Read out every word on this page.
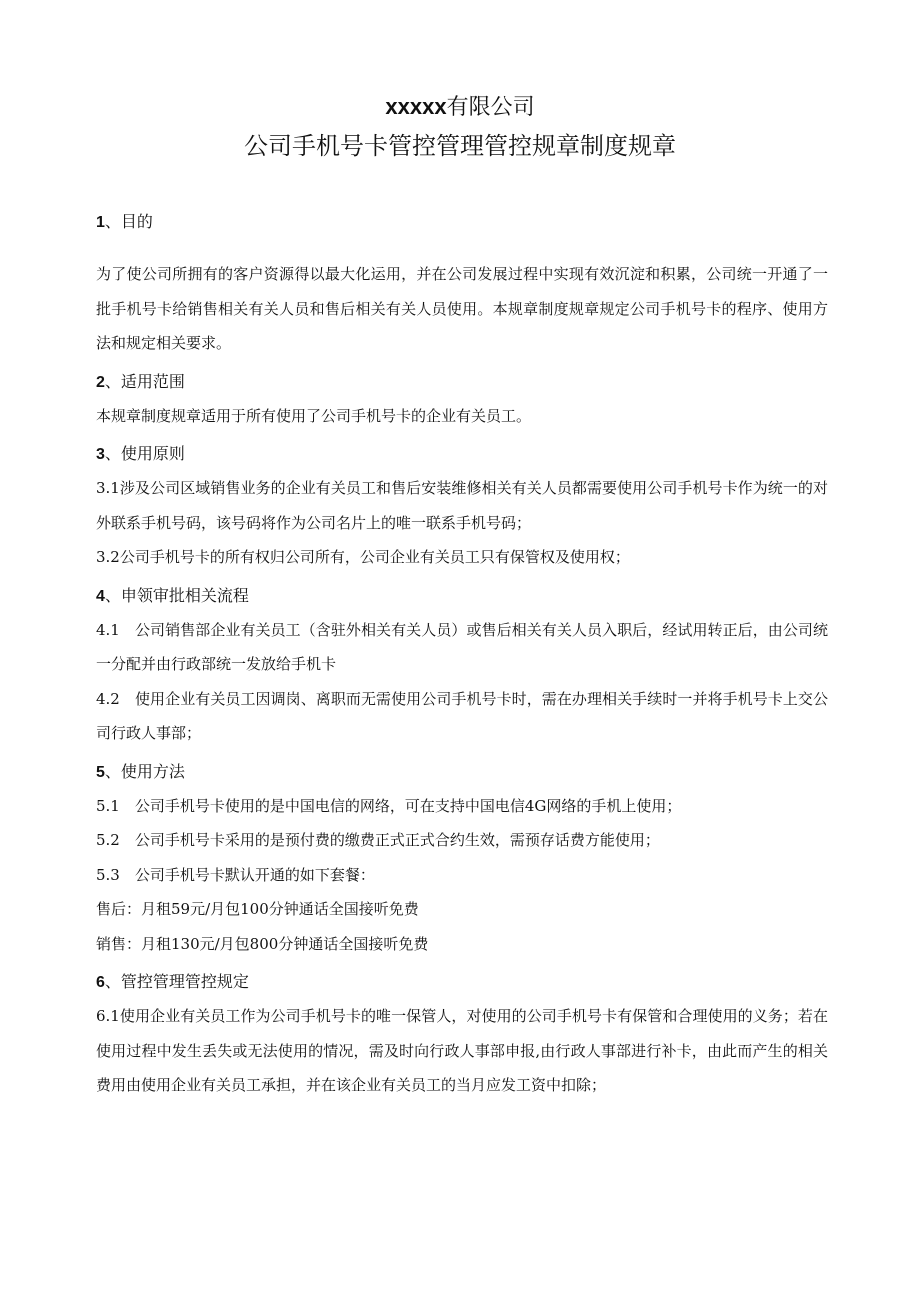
xxxxx有限公司
公司手机号卡管控管理管控规章制度规章
1、目的

为了使公司所拥有的客户资源得以最大化运用，并在公司发展过程中实现有效沉淀和积累，公司统一开通了一批手机号卡给销售相关有关人员和售后相关有关人员使用。本规章制度规章规定公司手机号卡的程序、使用方法和规定相关要求。

2、适用范围

本规章制度规章适用于所有使用了公司手机号卡的企业有关员工。

3、使用原则

3.1涉及公司区域销售业务的企业有关员工和售后安装维修相关有关人员都需要使用公司手机号卡作为统一的对外联系手机号码，该号码将作为公司名片上的唯一联系手机号码；

3.2公司手机号卡的所有权归公司所有，公司企业有关员工只有保管权及使用权；

4、申领审批相关流程

4.1　公司销售部企业有关员工（含驻外相关有关人员）或售后相关有关人员入职后，经试用转正后，由公司统一分配并由行政部统一发放给手机卡

4.2　使用企业有关员工因调岗、离职而无需使用公司手机号卡时，需在办理相关手续时一并将手机号卡上交公司行政人事部；

5、使用方法

5.1　公司手机号卡使用的是中国电信的网络，可在支持中国电信4G网络的手机上使用；

5.2　公司手机号卡采用的是预付费的缴费正式正式合约生效，需预存话费方能使用；

5.3　公司手机号卡默认开通的如下套餐：

售后：月租59元/月包100分钟通话全国接听免费

销售：月租130元/月包800分钟通话全国接听免费

6、管控管理管控规定

6.1使用企业有关员工作为公司手机号卡的唯一保管人，对使用的公司手机号卡有保管和合理使用的义务；若在使用过程中发生丢失或无法使用的情况，需及时向行政人事部申报,由行政人事部进行补卡，由此而产生的相关费用由使用企业有关员工承担，并在该企业有关员工的当月应发工资中扣除；
